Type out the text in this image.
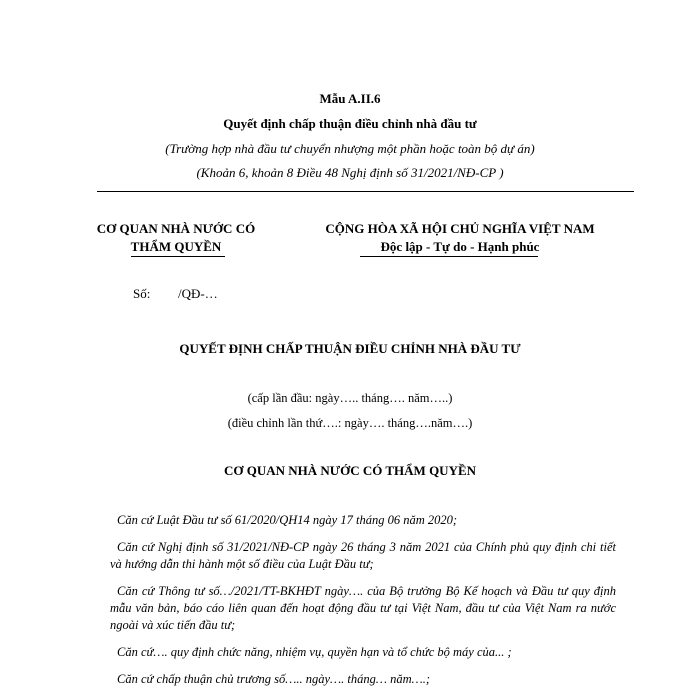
Mẫu A.II.6
Quyết định chấp thuận điều chỉnh nhà đầu tư
(Trường hợp nhà đầu tư chuyển nhượng một phần hoặc toàn bộ dự án)
(Khoản 6, khoản 8 Điều 48 Nghị định số 31/2021/NĐ-CP )
CƠ QUAN NHÀ NƯỚC CÓ
THẨM QUYỀN
CỘNG HÒA XÃ HỘI CHỦ NGHĨA VIỆT NAM
Độc lập - Tự do - Hạnh phúc
Số: /QĐ-…
QUYẾT ĐỊNH CHẤP THUẬN ĐIỀU CHỈNH NHÀ ĐẦU TƯ
(cấp lần đầu: ngày….. tháng…. năm…..)
(điều chỉnh lần thứ….: ngày…. tháng….năm….)
CƠ QUAN NHÀ NƯỚC CÓ THẨM QUYỀN

Căn cứ Luật Đầu tư số 61/2020/QH14 ngày 17 tháng 06 năm 2020;

Căn cứ Nghị định số 31/2021/NĐ-CP ngày 26 tháng 3 năm 2021 của Chính phủ quy định chi tiết và hướng dẫn thi hành một số điều của Luật Đầu tư;

Căn cứ Thông tư số…/2021/TT-BKHĐT ngày…. của Bộ trưởng Bộ Kế hoạch và Đầu tư quy định mẫu văn bản, báo cáo liên quan đến hoạt động đầu tư tại Việt Nam, đầu tư của Việt Nam ra nước ngoài và xúc tiến đầu tư;

Căn cứ…. quy định chức năng, nhiệm vụ, quyền hạn và tổ chức bộ máy của... ;

Căn cứ chấp thuận chủ trương số….. ngày…. tháng… năm….;
